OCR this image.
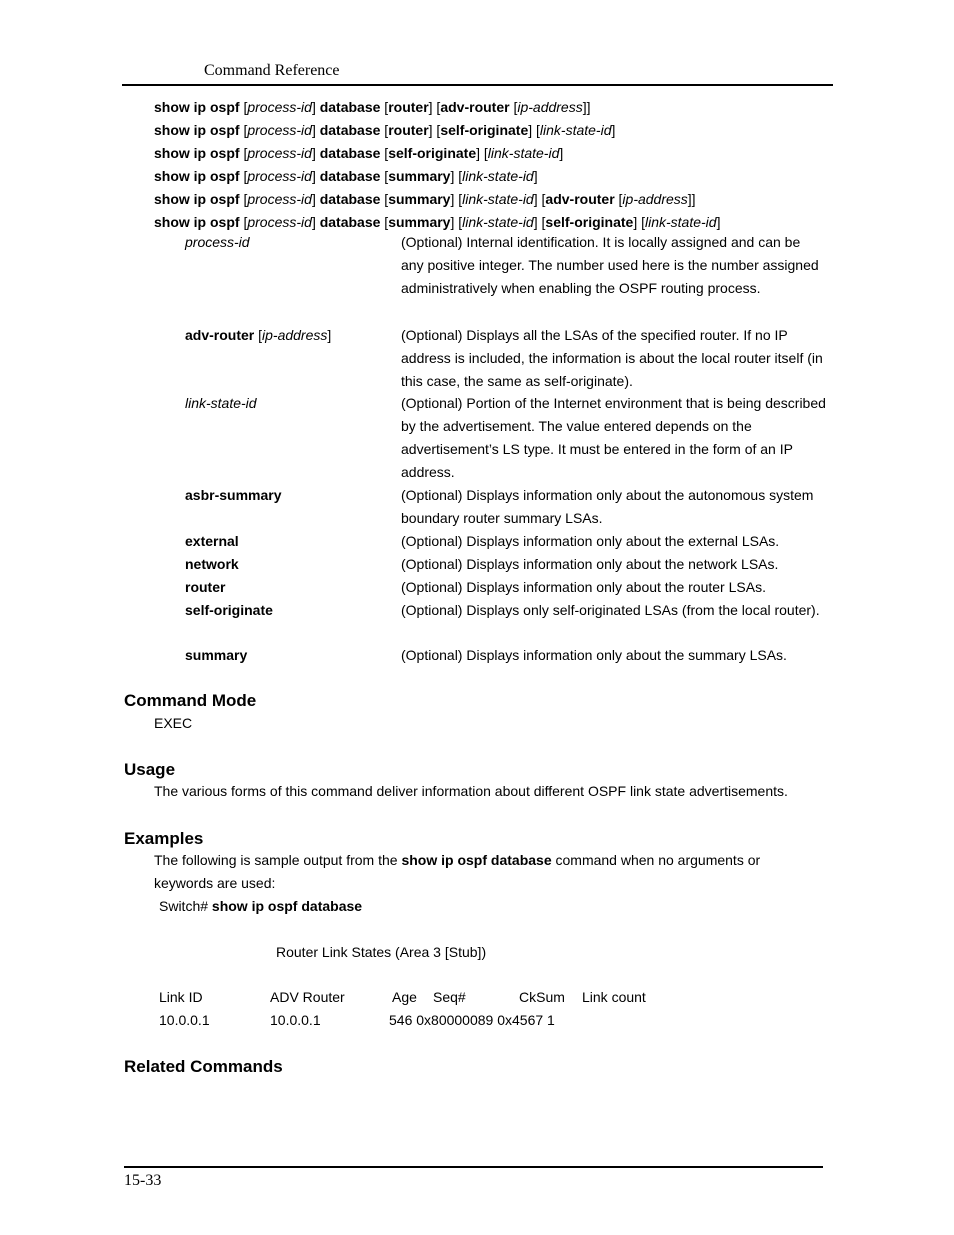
Command Reference
show ip ospf [process-id] database [router] [adv-router [ip-address]]
show ip ospf [process-id] database [router] [self-originate] [link-state-id]
show ip ospf [process-id] database [self-originate] [link-state-id]
show ip ospf [process-id] database [summary] [link-state-id]
show ip ospf [process-id] database [summary] [link-state-id] [adv-router [ip-address]]
show ip ospf [process-id] database [summary] [link-state-id] [self-originate] [link-state-id]
process-id	(Optional) Internal identification. It is locally assigned and can be any positive integer. The number used here is the number assigned administratively when enabling the OSPF routing process.
adv-router [ip-address]	(Optional) Displays all the LSAs of the specified router. If no IP address is included, the information is about the local router itself (in this case, the same as self-originate).
link-state-id	(Optional) Portion of the Internet environment that is being described by the advertisement. The value entered depends on the advertisement’s LS type. It must be entered in the form of an IP address.
asbr-summary	(Optional) Displays information only about the autonomous system boundary router summary LSAs.
external	(Optional) Displays information only about the external LSAs.
network	(Optional) Displays information only about the network LSAs.
router	(Optional) Displays information only about the router LSAs.
self-originate	(Optional) Displays only self-originated LSAs (from the local router).
summary	(Optional) Displays information only about the summary LSAs.
Command Mode
EXEC
Usage
The various forms of this command deliver information about different OSPF link state advertisements.
Examples
The following is sample output from the show ip ospf database command when no arguments or
keywords are used:
Switch# show ip ospf database
Router Link States (Area 3 [Stub])
Link ID	ADV Router	Age Seq#	CkSum Link count
10.0.0.1	10.0.0.1	546 0x80000089 0x4567 1
Related Commands
15-33
